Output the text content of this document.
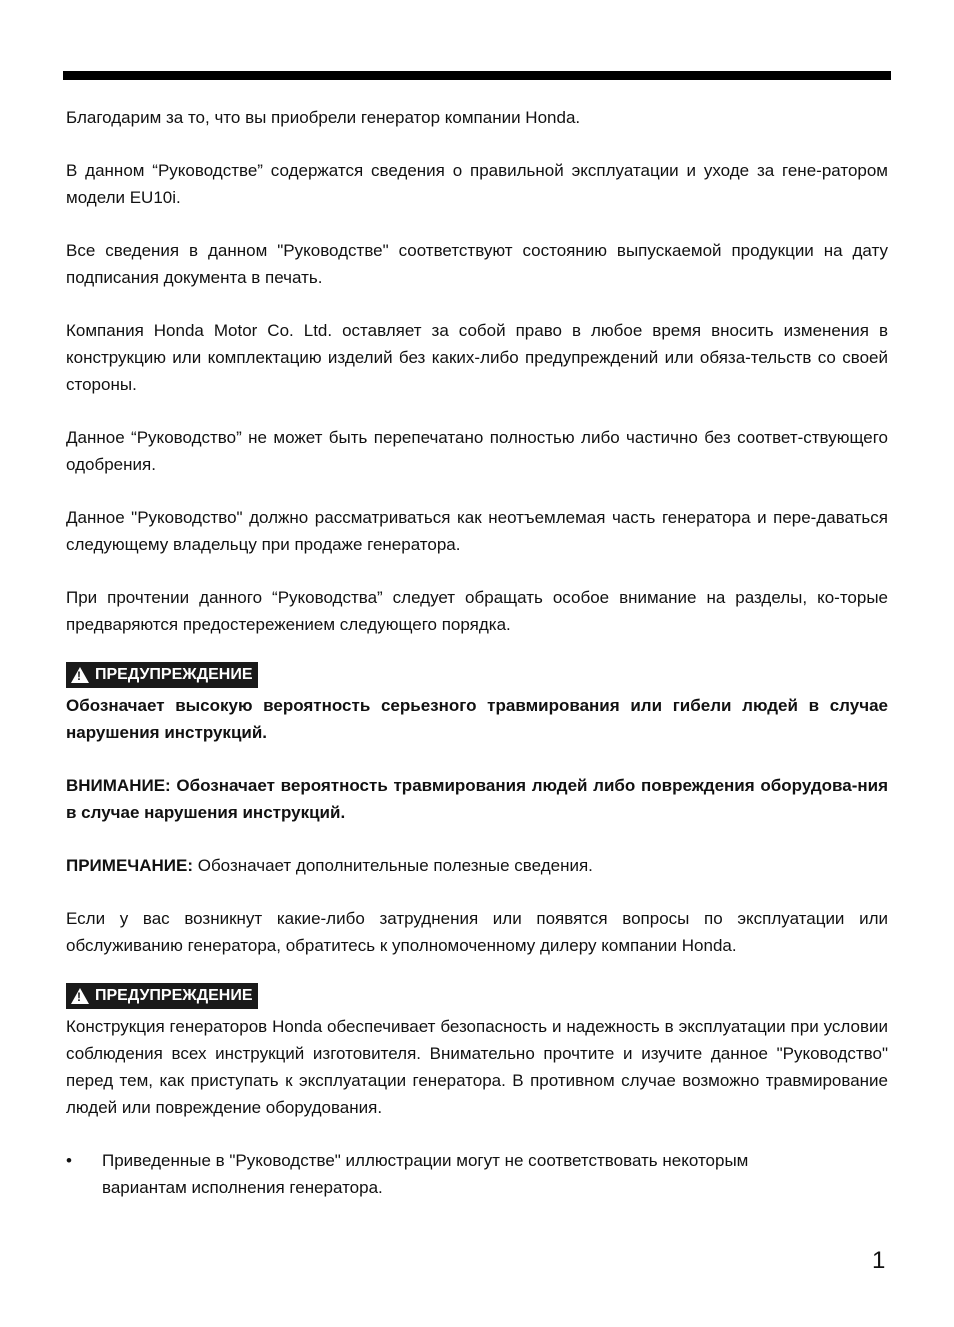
Благодарим за то, что вы приобрели генератор компании Honda.

В данном “Руководстве” содержатся сведения о правильной эксплуатации и уходе за гене-ратором модели EU10i.

Все сведения в данном "Руководстве" соответствуют состоянию выпускаемой продукции на дату подписания документа в печать.

Компания Honda Motor Co. Ltd. оставляет за собой право в любое время вносить изменения в конструкцию или комплектацию изделий без каких-либо предупреждений или обяза-тельств со своей стороны.

Данное “Руководство” не может быть перепечатано полностью либо частично без соответ-ствующего одобрения.

Данное "Руководство" должно рассматриваться как неотъемлемая часть генератора и пере-даваться следующему владельцу при продаже генератора.

При прочтении данного “Руководства” следует обращать особое внимание на разделы, ко-торые предваряются предостережением следующего порядка.

!
ПРЕДУПРЕЖДЕНИЕ

Обозначает высокую вероятность серьезного травмирования или гибели людей в случае нарушения инструкций.

ВНИМАНИЕ: Обозначает вероятность травмирования людей либо повреждения оборудова-ния в случае нарушения инструкций.

ПРИМЕЧАНИЕ: Обозначает дополнительные полезные сведения.

Если у вас возникнут какие-либо затруднения или появятся вопросы по эксплуатации или обслуживанию генератора, обратитесь к уполномоченному дилеру компании Honda.

!
ПРЕДУПРЕЖДЕНИЕ

Конструкция генераторов Honda обеспечивает безопасность и надежность в эксплуатации при условии соблюдения всех инструкций изготовителя. Внимательно прочтите и изучите данное "Руководство" перед тем, как приступать к эксплуатации генератора. В противном случае возможно травмирование людей или повреждение оборудования.

•	Приведенные в "Руководстве" иллюстрации могут не соответствовать некоторым вариантам исполнения генератора.
1
